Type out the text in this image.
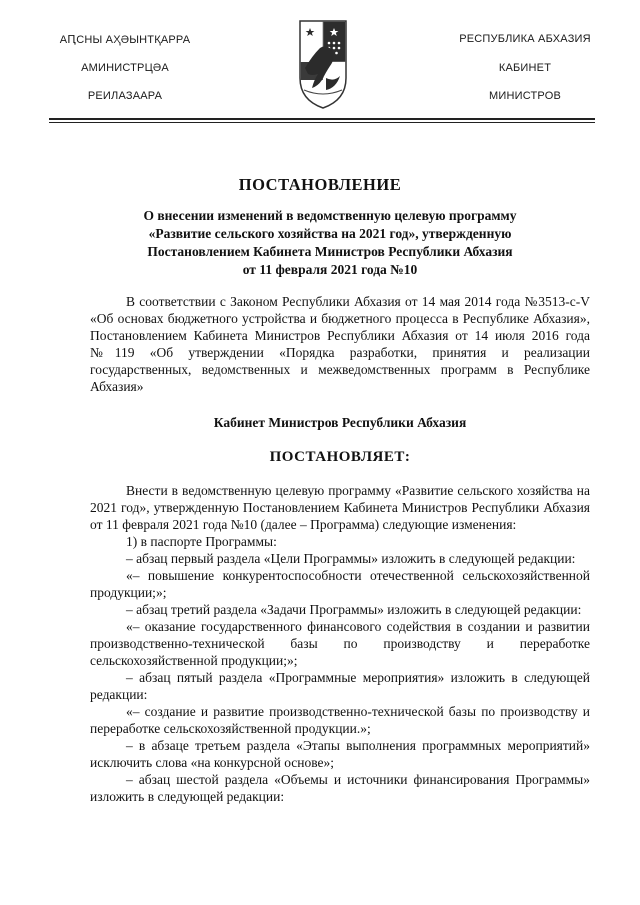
АԤСНЫ АҲӘЫНТҚАРРА
АМИНИСТРЦӘА
РЕИЛАЗААРА
РЕСПУБЛИКА АБХАЗИЯ
КАБИНЕТ
МИНИСТРОВ
ПОСТАНОВЛЕНИЕ
О внесении изменений в ведомственную целевую программу
«Развитие сельского хозяйства на 2021 год», утвержденную
Постановлением Кабинета Министров Республики Абхазия
от 11 февраля 2021 года №10

В соответствии с Законом Республики Абхазия от 14 мая 2014 года №3513-с-V «Об основах бюджетного устройства и бюджетного процесса в Республике Абхазия», Постановлением Кабинета Министров Республики Абхазия от 14 июля 2016 года №119 «Об утверждении «Порядка разработки, принятия и реализации государственных, ведомственных и межведомственных программ в Республике Абхазия»

Кабинет Министров Республики Абхазия

ПОСТАНОВЛЯЕТ:

Внести в ведомственную целевую программу «Развитие сельского хозяйства на 2021 год», утвержденную Постановлением Кабинета Министров Республики Абхазия от 11 февраля 2021 года №10 (далее – Программа) следующие изменения:

1) в паспорте Программы:

– абзац первый раздела «Цели Программы» изложить в следующей редакции:

«– повышение конкурентоспособности отечественной сельскохозяйственной продукции;»;

– абзац третий раздела «Задачи Программы» изложить в следующей редакции:

«– оказание государственного финансового содействия в создании и развитии производственно-технической базы по производству и переработке сельскохозяйственной продукции;»;

– абзац пятый раздела «Программные мероприятия» изложить в следующей редакции:

«– создание и развитие производственно-технической базы по производству и переработке сельскохозяйственной продукции.»;

– в абзаце третьем раздела «Этапы выполнения программных мероприятий» исключить слова «на конкурсной основе»;

– абзац шестой раздела «Объемы и источники финансирования Программы» изложить в следующей редакции:
